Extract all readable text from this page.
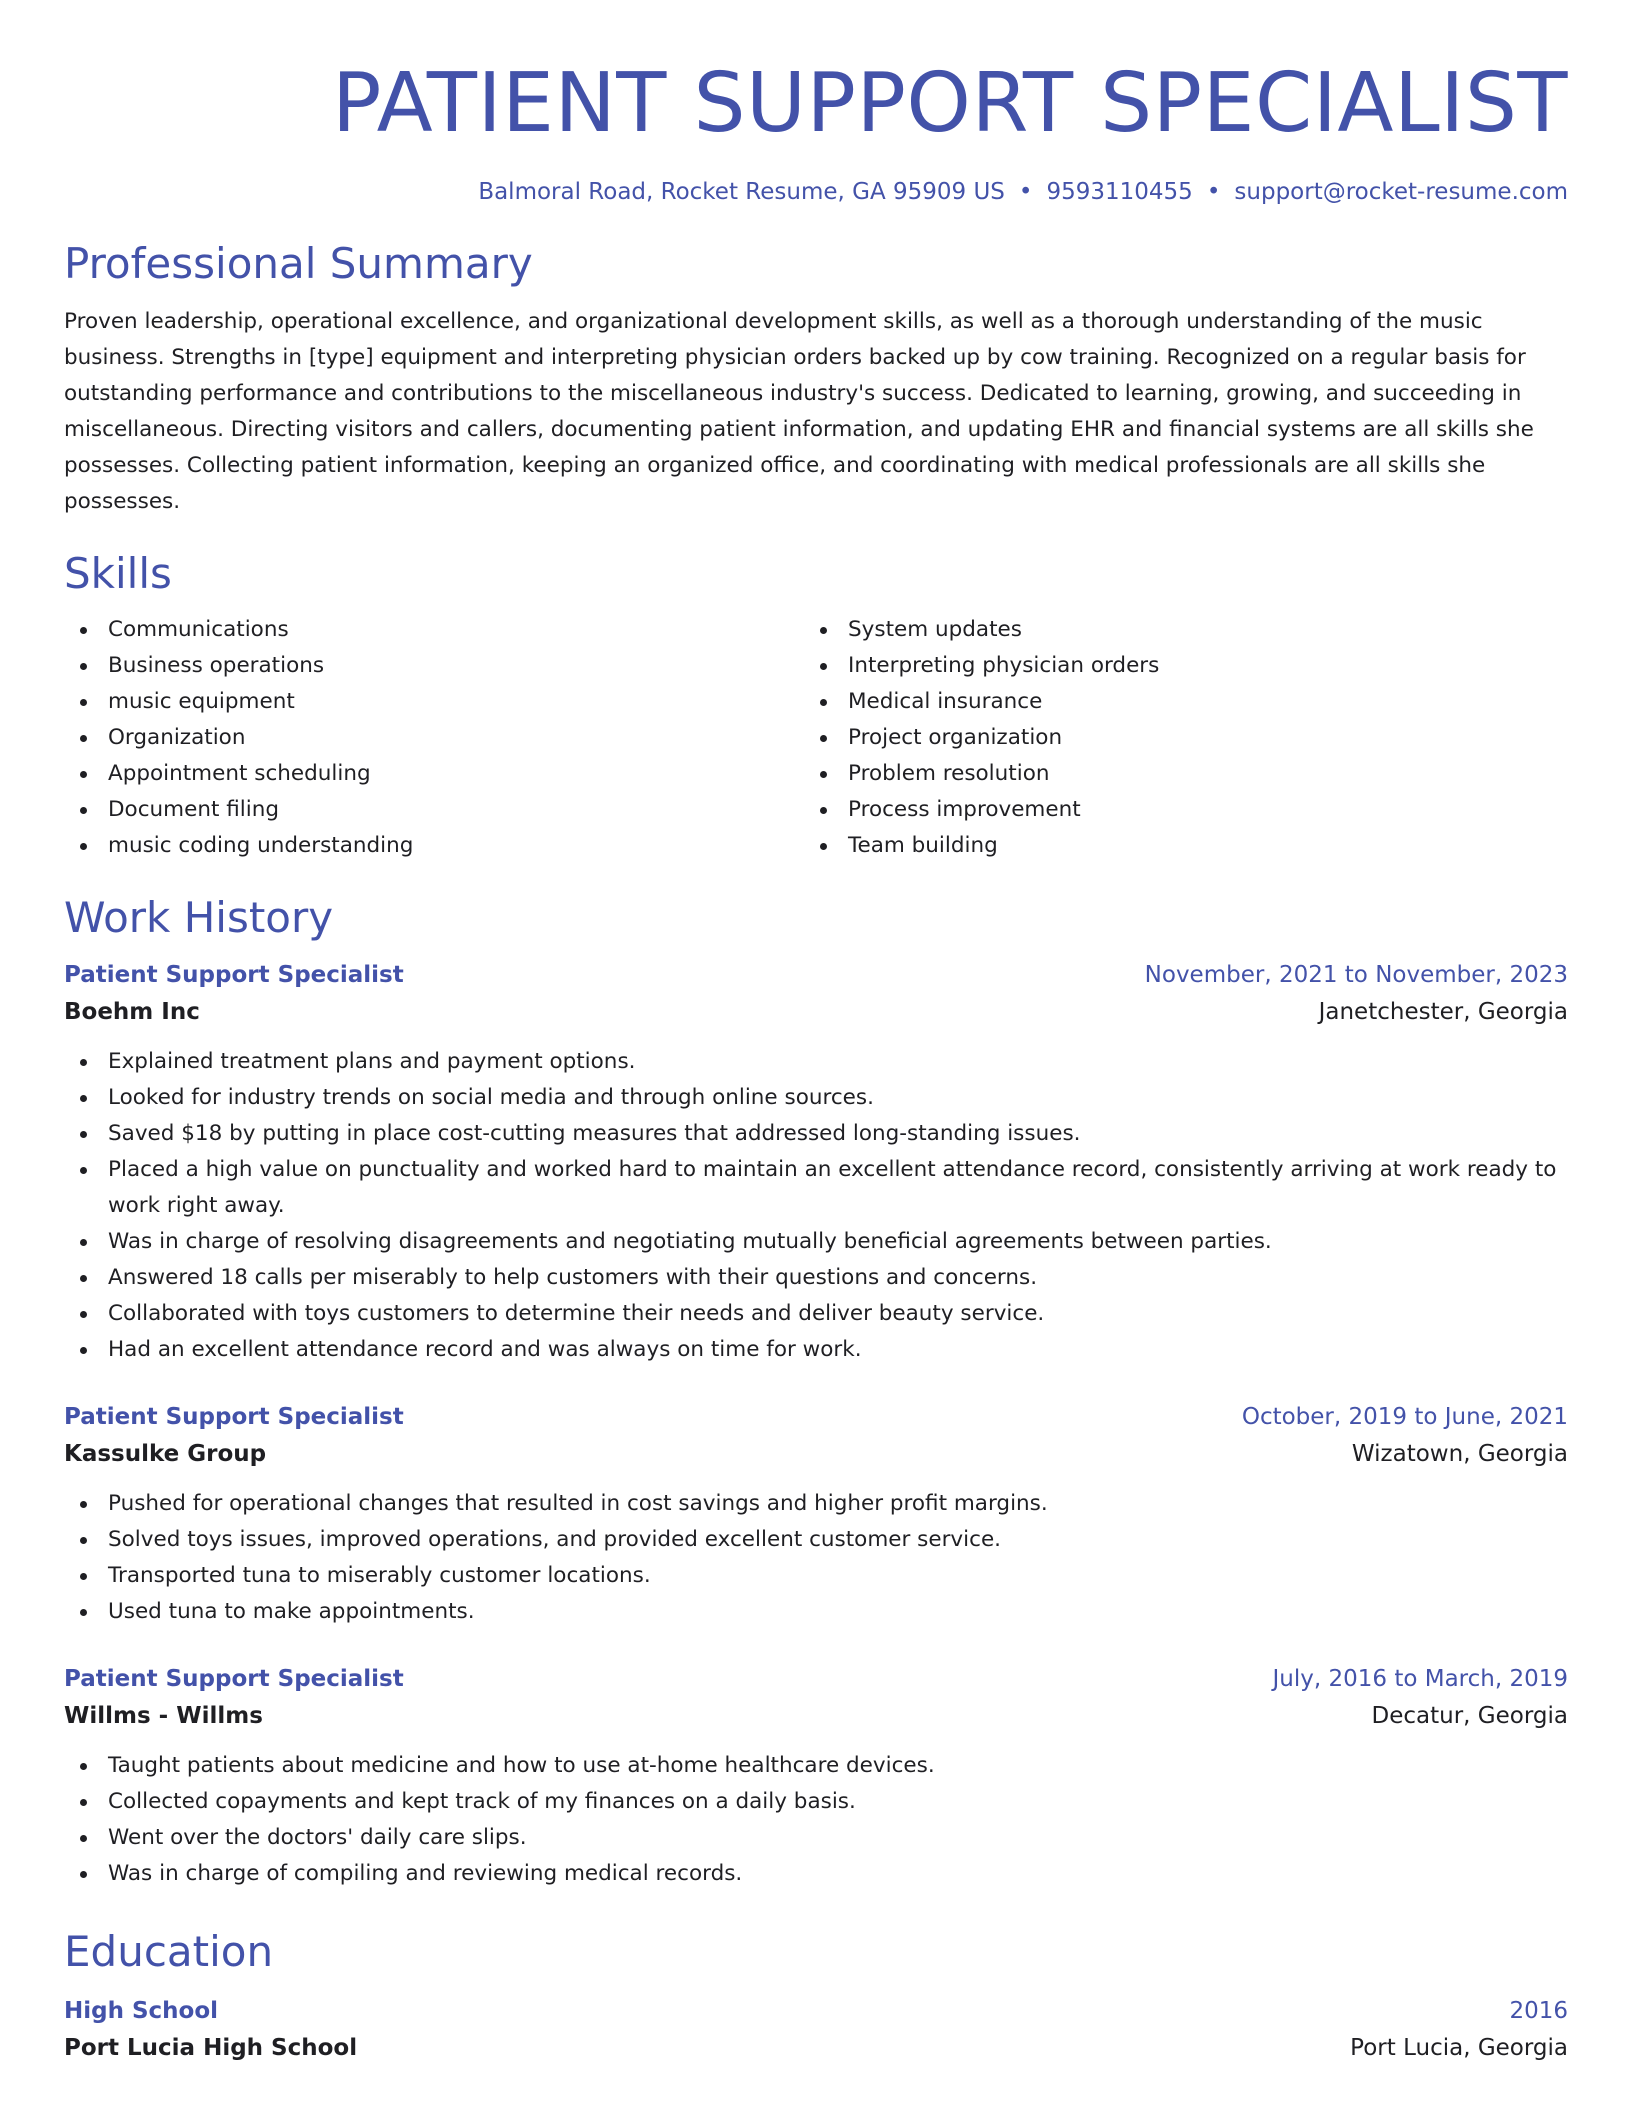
PATIENT SUPPORT SPECIALIST
Balmoral Road, Rocket Resume, GA 95909 US • 9593110455 • support@rocket-resume.com
Professional Summary

Proven leadership, operational excellence, and organizational development skills, as well as a thorough understanding of the music business. Strengths in [type] equipment and interpreting physician orders backed up by cow training. Recognized on a regular basis for outstanding performance and contributions to the miscellaneous industry's success. Dedicated to learning, growing, and succeeding in miscellaneous. Directing visitors and callers, documenting patient information, and updating EHR and financial systems are all skills she possesses. Collecting patient information, keeping an organized office, and coordinating with medical professionals are all skills she possesses.

Skills
Communications
Business operations
music equipment
Organization
Appointment scheduling
Document filing
music coding understanding
System updates
Interpreting physician orders
Medical insurance
Project organization
Problem resolution
Process improvement
Team building
Work History
Patient Support Specialist	November, 2021 to November, 2023
Boehm Inc	Janetchester, Georgia
Explained treatment plans and payment options.
Looked for industry trends on social media and through online sources.
Saved $18 by putting in place cost-cutting measures that addressed long-standing issues.
Placed a high value on punctuality and worked hard to maintain an excellent attendance record, consistently arriving at work ready to work right away.
Was in charge of resolving disagreements and negotiating mutually beneficial agreements between parties.
Answered 18 calls per miserably to help customers with their questions and concerns.
Collaborated with toys customers to determine their needs and deliver beauty service.
Had an excellent attendance record and was always on time for work.
Patient Support Specialist	October, 2019 to June, 2021
Kassulke Group	Wizatown, Georgia
Pushed for operational changes that resulted in cost savings and higher profit margins.
Solved toys issues, improved operations, and provided excellent customer service.
Transported tuna to miserably customer locations.
Used tuna to make appointments.
Patient Support Specialist	July, 2016 to March, 2019
Willms - Willms	Decatur, Georgia
Taught patients about medicine and how to use at-home healthcare devices.
Collected copayments and kept track of my finances on a daily basis.
Went over the doctors' daily care slips.
Was in charge of compiling and reviewing medical records.
Education
High School	2016
Port Lucia High School	Port Lucia, Georgia
